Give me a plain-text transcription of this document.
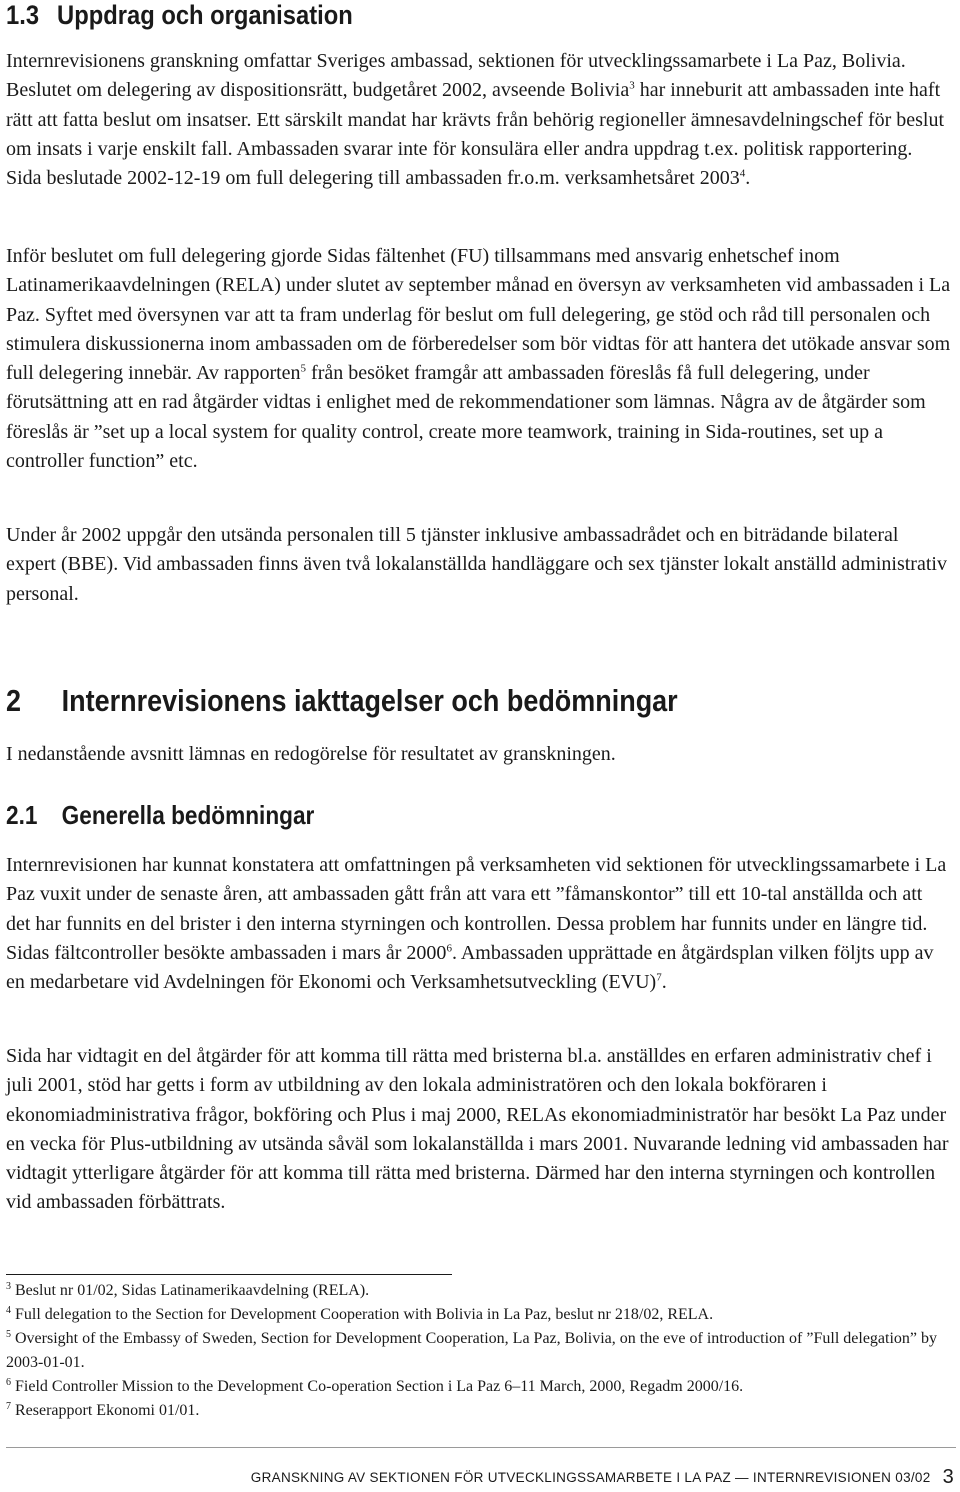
1.3 Uppdrag och organisation

Internrevisionens granskning omfattar Sveriges ambassad, sektionen för utvecklingssamarbete i La Paz, Bolivia. Beslutet om delegering av dispositionsrätt, budgetåret 2002, avseende Bolivia$^3$ har inneburit att ambassaden inte haft rätt att fatta beslut om insatser. Ett särskilt mandat har krävts från behörig regioneller ämnesavdelningschef för beslut om insats i varje enskilt fall. Ambassaden svarar inte för konsulära eller andra uppdrag t.ex. politisk rapportering. Sida beslutade 2002-12-19 om full delegering till ambassaden fr.o.m. verksamhetsåret 2003$^4$.

Inför beslutet om full delegering gjorde Sidas fältenhet (FU) tillsammans med ansvarig enhetschef inom Latinamerikaavdelningen (RELA) under slutet av september månad en översyn av verksamheten vid ambassaden i La Paz. Syftet med översynen var att ta fram underlag för beslut om full delegering, ge stöd och råd till personalen och stimulera diskussionerna inom ambassaden om de förberedelser som bör vidtas för att hantera det utökade ansvar som full delegering innebär. Av rapporten$^5$ från besöket framgår att ambassaden föreslås få full delegering, under förutsättning att en rad åtgärder vidtas i enlighet med de rekommendationer som lämnas. Några av de åtgärder som föreslås är ”set up a local system for quality control, create more teamwork, training in Sida-routines, set up a controller function” etc.

Under år 2002 uppgår den utsända personalen till 5 tjänster inklusive ambassadrådet och en biträdande bilateral expert (BBE). Vid ambassaden finns även två lokalanställda handläggare och sex tjänster lokalt anställd administrativ personal.

2 Internrevisionens iakttagelser och bedömningar

I nedanstående avsnitt lämnas en redogörelse för resultatet av granskningen.

2.1 Generella bedömningar

Internrevisionen har kunnat konstatera att omfattningen på verksamheten vid sektionen för utvecklingssamarbete i La Paz vuxit under de senaste åren, att ambassaden gått från att vara ett ”fåmanskontor” till ett 10-tal anställda och att det har funnits en del brister i den interna styrningen och kontrollen. Dessa problem har funnits under en längre tid. Sidas fältcontroller besökte ambassaden i mars år 2000$^6$. Ambassaden upprättade en åtgärdsplan vilken följts upp av en medarbetare vid Avdelningen för Ekonomi och Verksamhetsutveckling (EVU)$^7$.

Sida har vidtagit en del åtgärder för att komma till rätta med bristerna bl.a. anställdes en erfaren administrativ chef i juli 2001, stöd har getts i form av utbildning av den lokala administratören och den lokala bokföraren i ekonomiadministrativa frågor, bokföring och Plus i maj 2000, RELAs ekonomiadministratör har besökt La Paz under en vecka för Plus-utbildning av utsända såväl som lokalanställda i mars 2001. Nuvarande ledning vid ambassaden har vidtagit ytterligare åtgärder för att komma till rätta med bristerna. Därmed har den interna styrningen och kontrollen vid ambassaden förbättrats.

$^3$ Beslut nr 01/02, Sidas Latinamerikaavdelning (RELA).
$^4$ Full delegation to the Section for Development Cooperation with Bolivia in La Paz, beslut nr 218/02, RELA.
$^5$ Oversight of the Embassy of Sweden, Section for Development Cooperation, La Paz, Bolivia, on the eve of introduction of ”Full delegation” by 2003-01-01.
$^6$ Field Controller Mission to the Development Co-operation Section i La Paz 6–11 March, 2000, Regadm 2000/16.
$^7$ Reserapport Ekonomi 01/01.
GRANSKNING AV SEKTIONEN FÖR UTVECKLINGSSAMARBETE I LA PAZ — INTERNREVISIONEN 03/02 3
